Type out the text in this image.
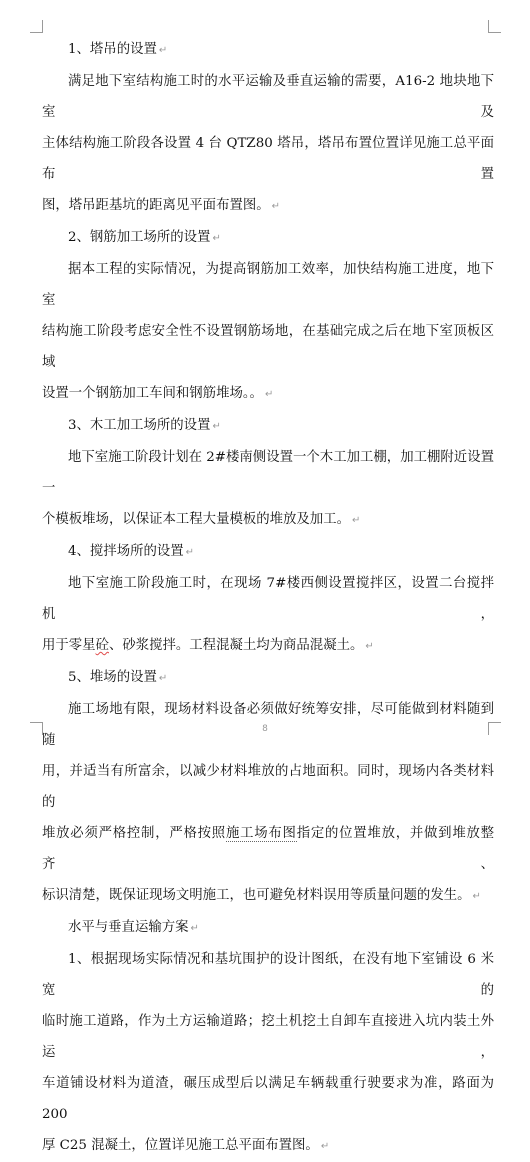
1、塔吊的设置 ↵

满足地下室结构施工时的水平运输及垂直运输的需要，A16-2 地块地下室及

主体结构施工阶段各设置 4 台 QTZ80 塔吊，塔吊布置位置详见施工总平面布置

图，塔吊距基坑的距离见平面布置图。 ↵

2、钢筋加工场所的设置 ↵

据本工程的实际情况，为提高钢筋加工效率，加快结构施工进度，地下室

结构施工阶段考虑安全性不设置钢筋场地，在基础完成之后在地下室顶板区域

设置一个钢筋加工车间和钢筋堆场。。 ↵

3、木工加工场所的设置 ↵

地下室施工阶段计划在 2#楼南侧设置一个木工加工棚，加工棚附近设置一

个模板堆场，以保证本工程大量模板的堆放及加工。 ↵

4、搅拌场所的设置 ↵

地下室施工阶段施工时，在现场 7#楼西侧设置搅拌区，设置二台搅拌机，

用于零星砼、砂浆搅拌。工程混凝土均为商品混凝土。 ↵

5、堆场的设置 ↵

施工场地有限，现场材料设备必须做好统筹安排，尽可能做到材料随到随

用，并适当有所富余，以减少材料堆放的占地面积。同时，现场内各类材料的

堆放必须严格控制，严格按照施工场布图指定的位置堆放，并做到堆放整齐、

标识清楚，既保证现场文明施工，也可避免材料误用等质量问题的发生。 ↵

水平与垂直运输方案 ↵

1、根据现场实际情况和基坑围护的设计图纸，在没有地下室铺设 6 米宽的

临时施工道路，作为土方运输道路；挖土机挖土自卸车直接进入坑内装土外运，

车道铺设材料为道渣，碾压成型后以满足车辆载重行驶要求为准，路面为 200

厚 C25 混凝土，位置详见施工总平面布置图。 ↵

8
